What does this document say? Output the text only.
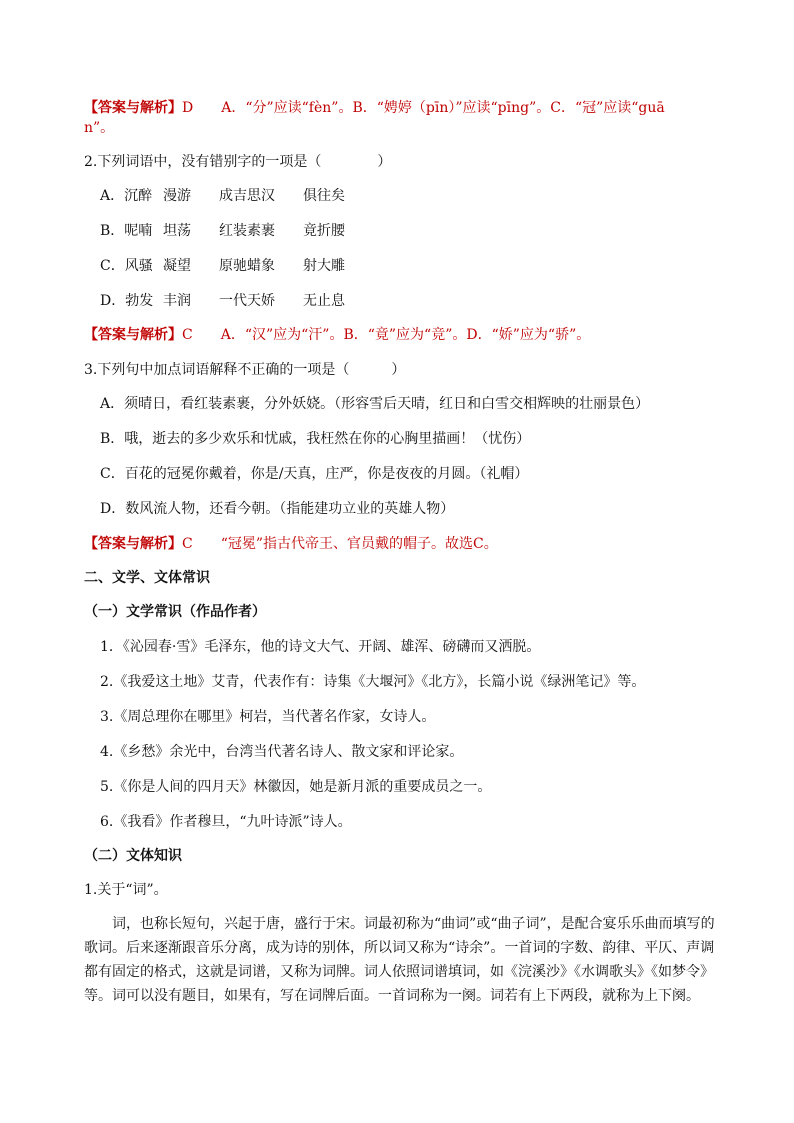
【答案与解析】D　　A．“分”应读“fèn”。B．“娉婷（pīn）”应读“pīng”。C．“冠”应读“guā
n”。
2.下列词语中，没有错别字的一项是（　　　　）
A．沉醉 漫游 成吉思汉 俱往矣
B．呢喃 坦荡 红装素裹 竟折腰
C．风骚 凝望 原驰蜡象 射大雕
D．勃发 丰润 一代天娇 无止息
【答案与解析】C　　A．“汉”应为“汗”。B．“竟”应为“竞”。D．“娇”应为“骄”。
3.下列句中加点词语解释不正确的一项是（　　　）
A．须晴日，看红装素裹，分外妖娆。（形容雪后天晴，红日和白雪交相辉映的壮丽景色）
B．哦，逝去的多少欢乐和忧戚，我枉然在你的心胸里描画！（忧伤）
C．百花的冠冕你戴着，你是/天真，庄严，你是夜夜的月圆。（礼帽）
D．数风流人物，还看今朝。（指能建功立业的英雄人物）
【答案与解析】C　　“冠冕”指古代帝王、官员戴的帽子。故选C。
二、文学、文体常识
（一）文学常识（作品作者）
1．《沁园春·雪》毛泽东，他的诗文大气、开阔、雄浑、磅礴而又洒脱。
2.《我爱这土地》艾青，代表作有：诗集《大堰河》《北方》，长篇小说《绿洲笔记》等。
3.《周总理你在哪里》柯岩，当代著名作家，女诗人。
4.《乡愁》余光中，台湾当代著名诗人、散文家和评论家。
5.《你是人间的四月天》林徽因，她是新月派的重要成员之一。
6.《我看》作者穆旦，“九叶诗派”诗人。
（二）文体知识
1.关于“词”。
词，也称长短句，兴起于唐，盛行于宋。词最初称为“曲词”或“曲子词”，是配合宴乐乐曲而填写的歌词。后来逐渐跟音乐分离，成为诗的别体，所以词又称为“诗余”。一首词的字数、韵律、平仄、声调都有固定的格式，这就是词谱，又称为词牌。词人依照词谱填词，如《浣溪沙》《水调歌头》《如梦令》等。词可以没有题目，如果有，写在词牌后面。一首词称为一阕。词若有上下两段，就称为上下阕。
